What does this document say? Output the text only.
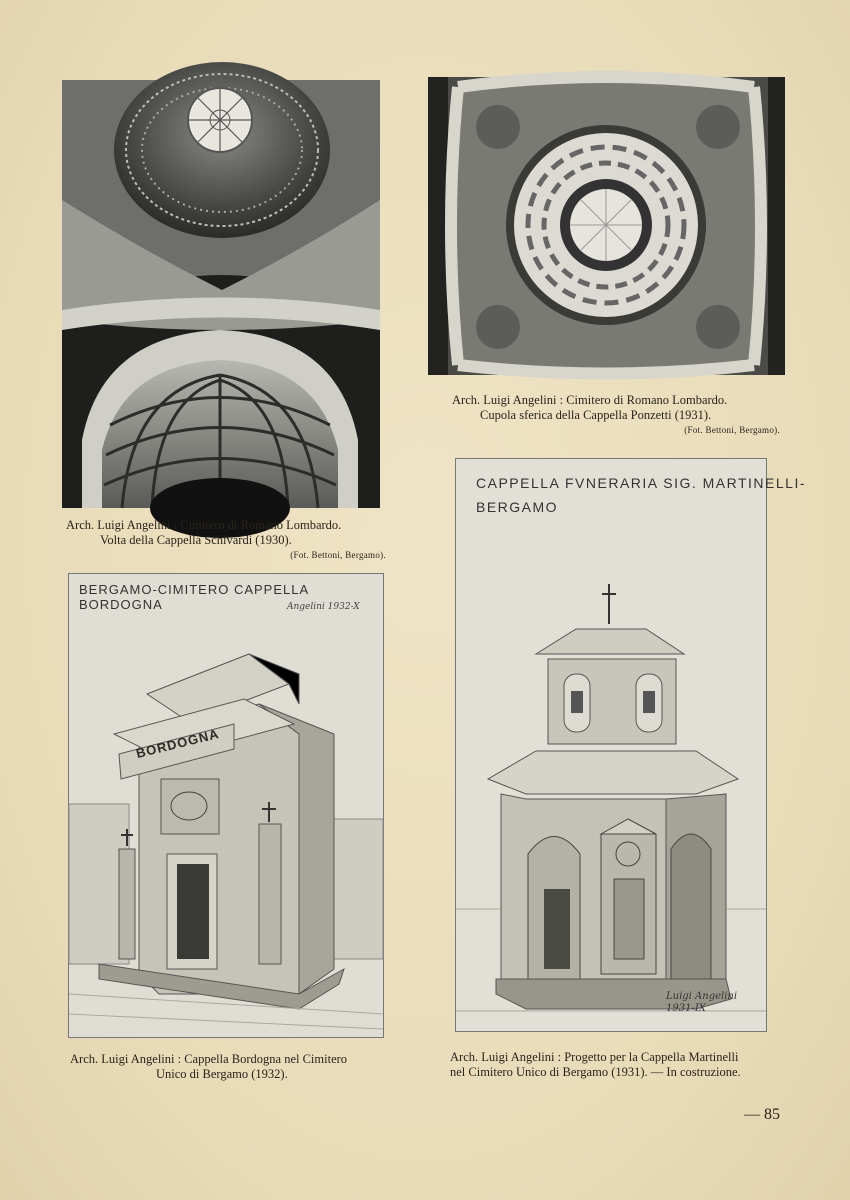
Arch. Luigi Angelini : Cimitero di Romano Lombardo.
Volta della Cappella Schivardi (1930).
(Fot. Bettoni, Bergamo).
Arch. Luigi Angelini : Cimitero di Romano Lombardo.
Cupola sferica della Cappella Ponzetti (1931).
(Fot. Bettoni, Bergamo).
BERGAMO-CIMITERO CAPPELLA BORDOGNA	Angelini 1932-X
BORDOGNA
Arch. Luigi Angelini : Cappella Bordogna nel Cimitero
Unico di Bergamo (1932).
CAPPELLA FVNERARIA SIG. MARTINELLI-
BERGAMO
Luigi Angelini 1931-IX
Arch. Luigi Angelini : Progetto per la Cappella Martinelli
nel Cimitero Unico di Bergamo (1931). — In costruzione.
— 85
